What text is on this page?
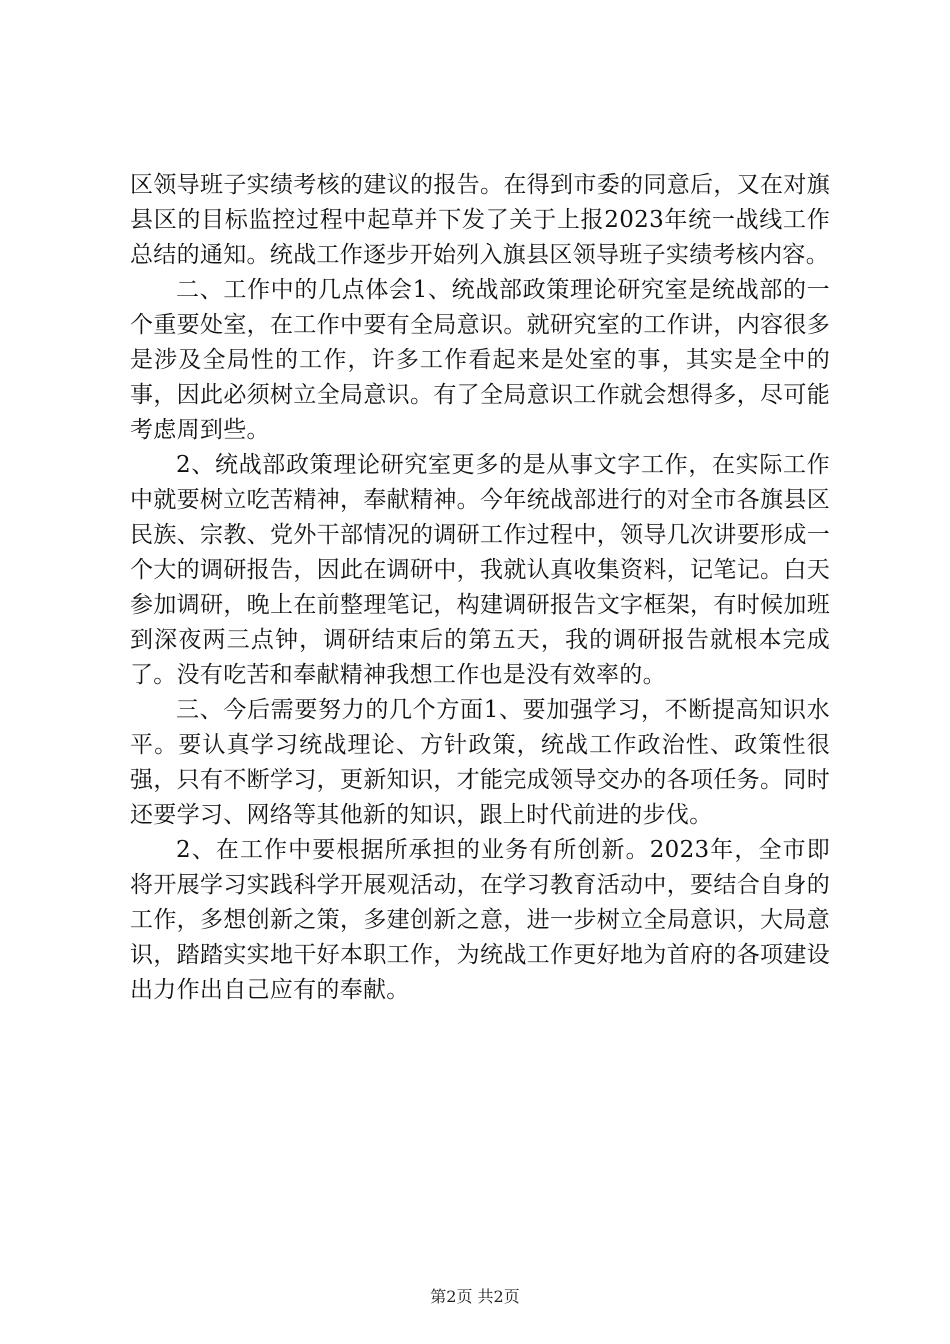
区领导班子实绩考核的建议的报告。在得到市委的同意后，又在对旗县区的目标监控过程中起草并下发了关于上报2023年统一战线工作总结的通知。统战工作逐步开始列入旗县区领导班子实绩考核内容。

二、工作中的几点体会1、统战部政策理论研究室是统战部的一个重要处室，在工作中要有全局意识。就研究室的工作讲，内容很多是涉及全局性的工作，许多工作看起来是处室的事，其实是全中的事，因此必须树立全局意识。有了全局意识工作就会想得多，尽可能考虑周到些。

2、统战部政策理论研究室更多的是从事文字工作，在实际工作中就要树立吃苦精神，奉献精神。今年统战部进行的对全市各旗县区民族、宗教、党外干部情况的调研工作过程中，领导几次讲要形成一个大的调研报告，因此在调研中，我就认真收集资料，记笔记。白天参加调研，晚上在前整理笔记，构建调研报告文字框架，有时候加班到深夜两三点钟，调研结束后的第五天，我的调研报告就根本完成了。没有吃苦和奉献精神我想工作也是没有效率的。

三、今后需要努力的几个方面1、要加强学习，不断提高知识水平。要认真学习统战理论、方针政策，统战工作政治性、政策性很强，只有不断学习，更新知识，才能完成领导交办的各项任务。同时还要学习、网络等其他新的知识，跟上时代前进的步伐。

2、在工作中要根据所承担的业务有所创新。2023年，全市即将开展学习实践科学开展观活动，在学习教育活动中，要结合自身的工作，多想创新之策，多建创新之意，进一步树立全局意识，大局意识，踏踏实实地干好本职工作，为统战工作更好地为首府的各项建设出力作出自己应有的奉献。

第2页 共2页
